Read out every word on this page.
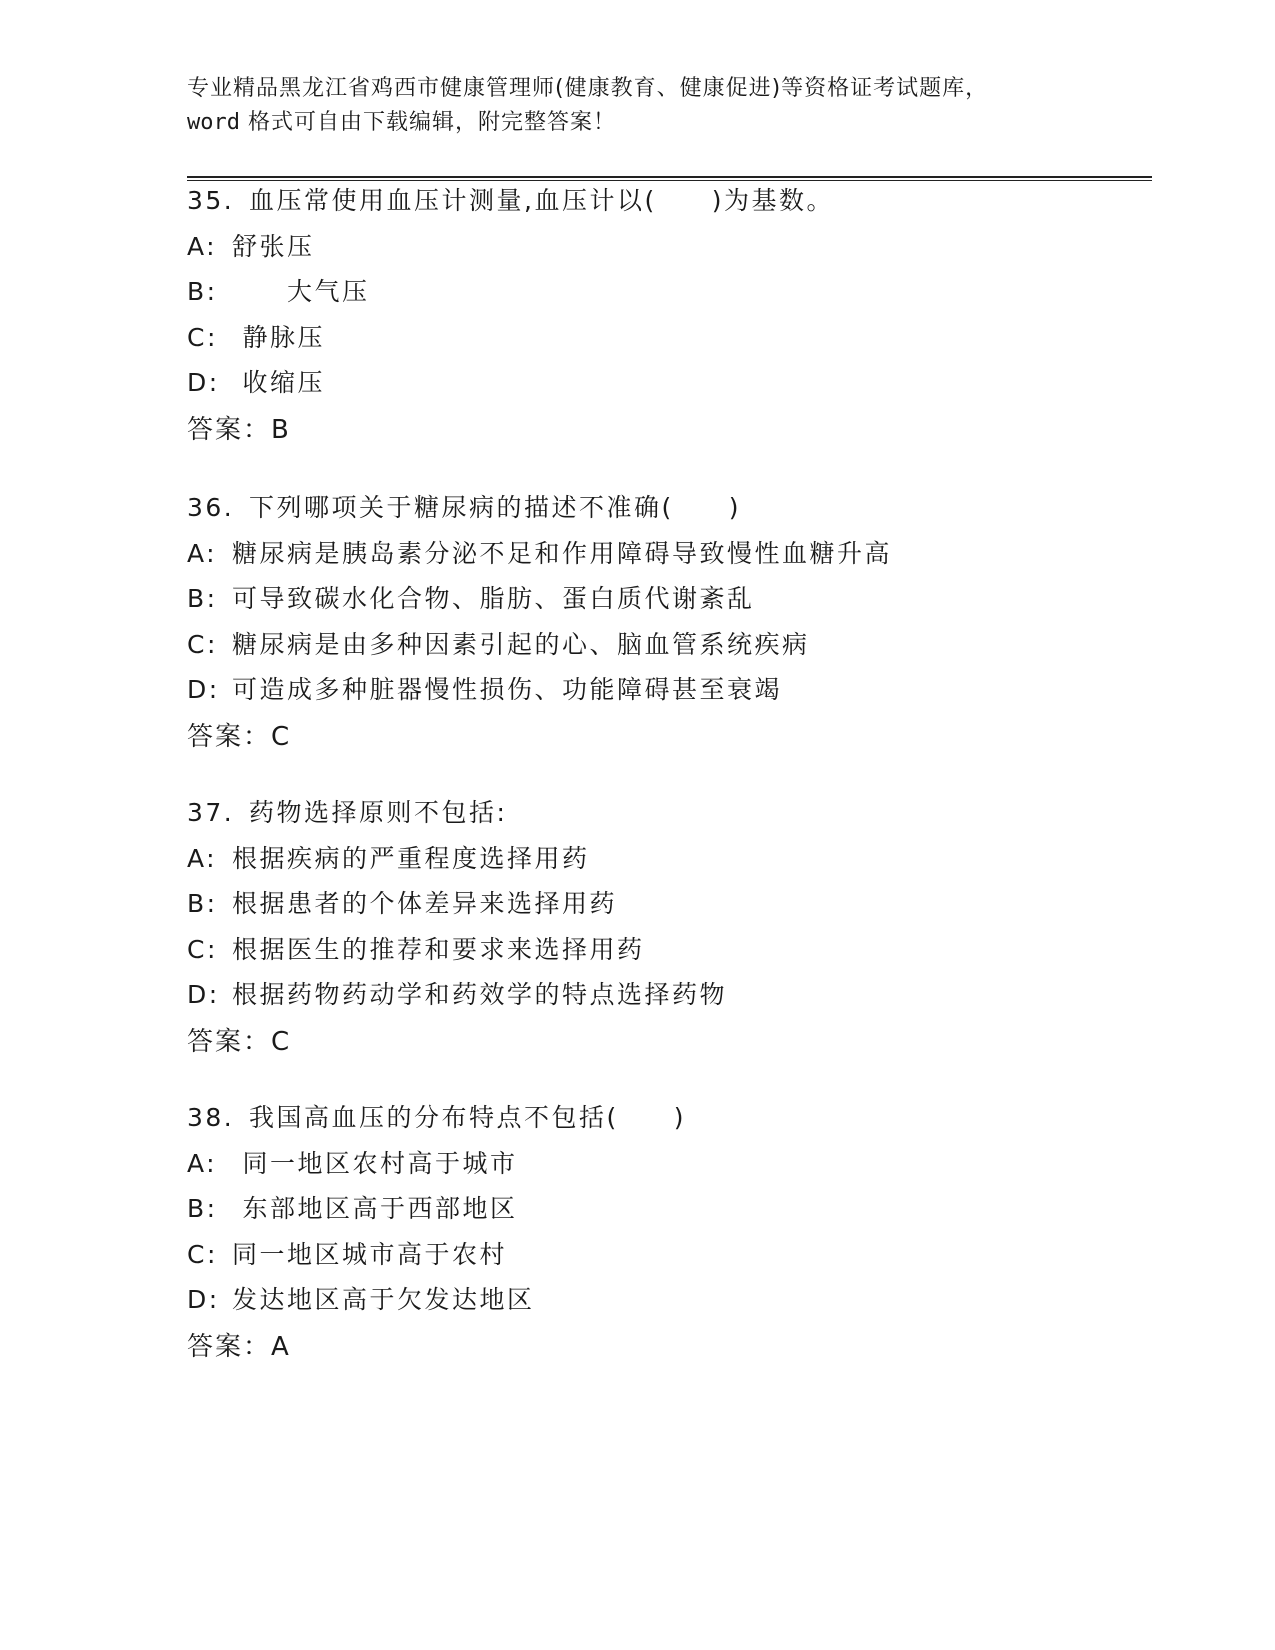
专业精品黑龙江省鸡西市健康管理师(健康教育、健康促进)等资格证考试题库，
word 格式可自由下载编辑，附完整答案！
35. 血压常使用血压计测量,血压计以(　　)为基数。
A: 舒张压
B: 　　大气压
C: 静脉压
D: 收缩压
答案： B
36. 下列哪项关于糖尿病的描述不准确(　　)
A: 糖尿病是胰岛素分泌不足和作用障碍导致慢性血糖升高
B: 可导致碳水化合物、脂肪、蛋白质代谢紊乱
C: 糖尿病是由多种因素引起的心、脑血管系统疾病
D: 可造成多种脏器慢性损伤、功能障碍甚至衰竭
答案： C
37. 药物选择原则不包括:
A: 根据疾病的严重程度选择用药
B: 根据患者的个体差异来选择用药
C: 根据医生的推荐和要求来选择用药
D: 根据药物药动学和药效学的特点选择药物
答案： C
38. 我国高血压的分布特点不包括(　　)
A: 同一地区农村高于城市
B: 东部地区高于西部地区
C: 同一地区城市高于农村
D: 发达地区高于欠发达地区
答案： A
